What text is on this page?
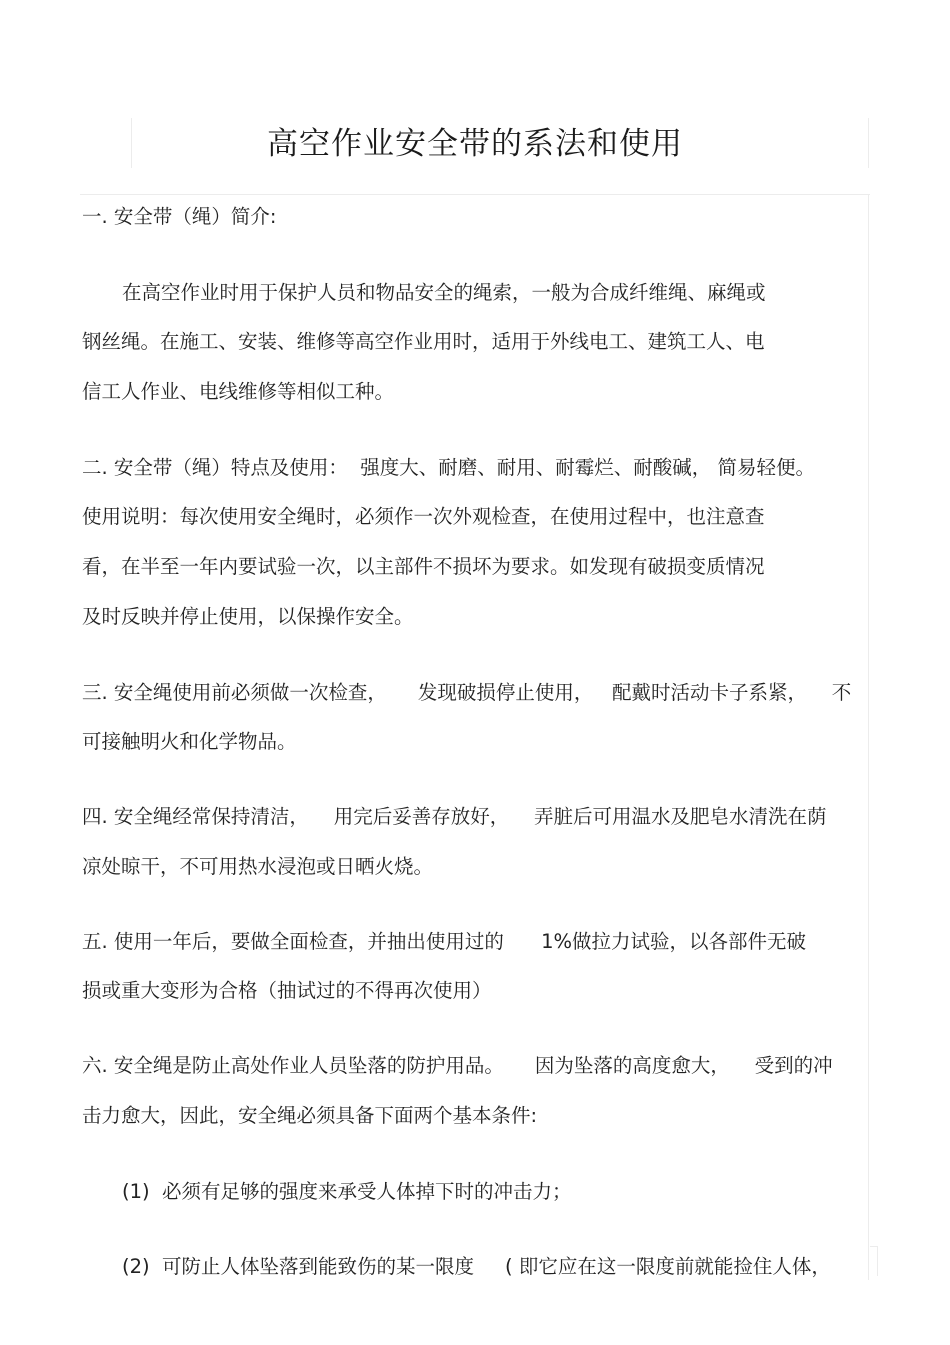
高空作业安全带的系法和使用
一. 安全带（绳）简介:
在高空作业时用于保护人员和物品安全的绳索，一般为合成纤维绳、麻绳或
钢丝绳。在施工、安装、维修等高空作业用时，适用于外线电工、建筑工人、电
信工人作业、电线维修等相似工种。
二. 安全带（绳）特点及使用：  强度大、耐磨、耐用、耐霉烂、耐酸碱， 简易轻便。
使用说明：每次使用安全绳时，必须作一次外观检查，在使用过程中，也注意查
看，在半至一年内要试验一次，以主部件不损坏为要求。如发现有破损变质情况
及时反映并停止使用，以保操作安全。
三. 安全绳使用前必须做一次检查，     发现破损停止使用，   配戴时活动卡子系紧，    不
可接触明火和化学物品。
四. 安全绳经常保持清洁，    用完后妥善存放好，    弄脏后可用温水及肥皂水清洗在荫
凉处晾干，不可用热水浸泡或日晒火烧。
五. 使用一年后，要做全面检查，并抽出使用过的      1%做拉力试验，以各部件无破
损或重大变形为合格（抽试过的不得再次使用）
六. 安全绳是防止高处作业人员坠落的防护用品。     因为坠落的高度愈大，    受到的冲
击力愈大，因此，安全绳必须具备下面两个基本条件:
(1)  必须有足够的强度来承受人体掉下时的冲击力；
(2)  可防止人体坠落到能致伤的某一限度     ( 即它应在这一限度前就能捡住人体，
